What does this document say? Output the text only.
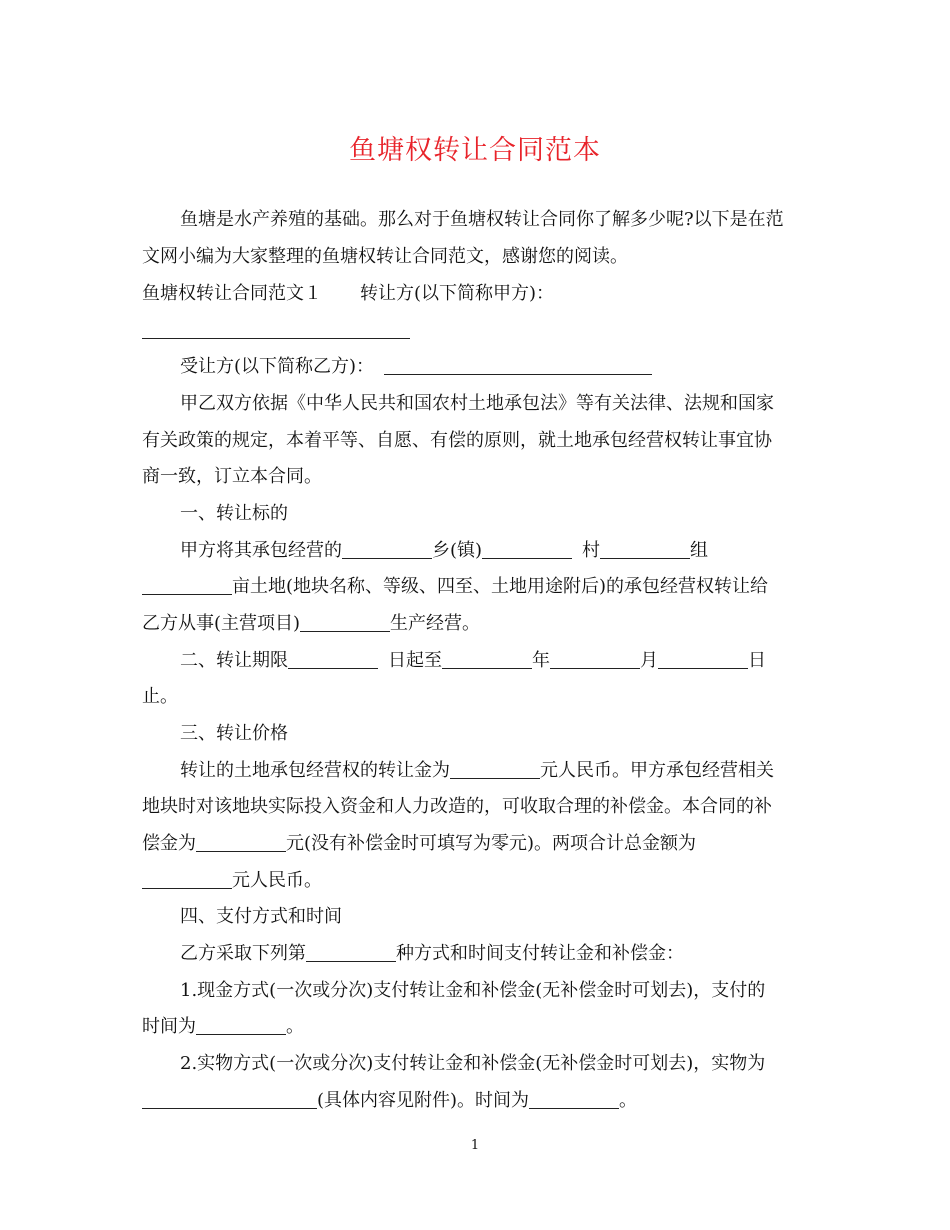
鱼塘权转让合同范本
鱼塘是水产养殖的基础。那么对于鱼塘权转让合同你了解多少呢?以下是在范
文网小编为大家整理的鱼塘权转让合同范文，感谢您的阅读。
鱼塘权转让合同范文１ 转让方(以下简称甲方)：
受让方(以下简称乙方)：
甲乙双方依据《中华人民共和国农村土地承包法》等有关法律、法规和国家
有关政策的规定，本着平等、自愿、有偿的原则，就土地承包经营权转让事宜协
商一致，订立本合同。
一、转让标的
甲方将其承包经营的	乡(镇)	村	组
亩土地(地块名称、等级、四至、土地用途附后)的承包经营权转让给
乙方从事(主营项目)	生产经营。
二、转让期限	日起至	年	月	日
止。
三、转让价格
转让的土地承包经营权的转让金为	元人民币。甲方承包经营相关
地块时对该地块实际投入资金和人力改造的，可收取合理的补偿金。本合同的补
偿金为	元(没有补偿金时可填写为零元)。两项合计总金额为
元人民币。
四、支付方式和时间
乙方采取下列第	种方式和时间支付转让金和补偿金：
1.现金方式(一次或分次)支付转让金和补偿金(无补偿金时可划去)，支付的
时间为	。
2.实物方式(一次或分次)支付转让金和补偿金(无补偿金时可划去)，实物为
(具体内容见附件)。时间为	。
1
